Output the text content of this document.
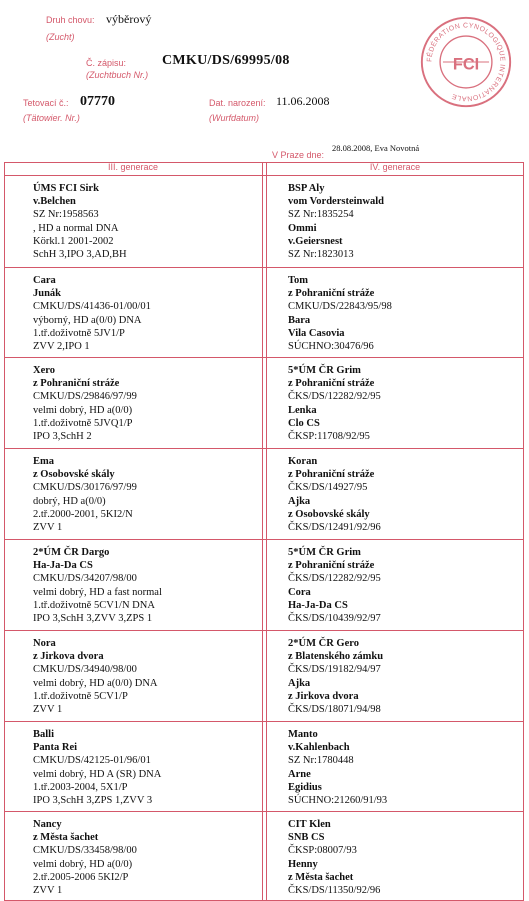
Druh chovu:
(Zucht)
výběrový
Č. zápisu:
(Zuchtbuch Nr.)
CMKU/DS/69995/08
Tetovací č.:
(Tätowier. Nr.)
07770	Dat. narození:
(Wurfdatum)
11.06.2008
V Praze dne:
28.08.2008, Eva Novotná
FÉDÉRATION CYNOLOGIQUE INTERNATIONALE
FCI
III. generace	IV. generace
ÚMS FCI Sirk
v.Belchen
SZ Nr:1958563
, HD a normal DNA
Körkl.1 2001-2002
SchH 3,IPO 3,AD,BH
BSP Aly
vom Vordersteinwald
SZ Nr:1835254
Ommi
v.Geiersnest
SZ Nr:1823013
Cara
Junák
CMKU/DS/41436-01/00/01
výborný, HD a(0/0) DNA
1.tř.doživotně 5JV1/P
ZVV 2,IPO 1
Tom
z Pohraniční stráže
CMKU/DS/22843/95/98
Bara
Vila Casovia
SÚCHNO:30476/96
Xero
z Pohraniční stráže
CMKU/DS/29846/97/99
velmi dobrý, HD a(0/0)
1.tř.doživotně 5JVQ1/P
IPO 3,SchH 2
5*ÚM ČR Grim
z Pohraniční stráže
ČKS/DS/12282/92/95
Lenka
Clo CS
ČKSP:11708/92/95
Ema
z Osobovské skály
CMKU/DS/30176/97/99
dobrý, HD a(0/0)
2.tř.2000-2001, 5KI2/N
ZVV 1
Koran
z Pohraniční stráže
ČKS/DS/14927/95
Ajka
z Osobovské skály
ČKS/DS/12491/92/96
2*ÚM ČR Dargo
Ha-Ja-Da CS
CMKU/DS/34207/98/00
velmi dobrý, HD a fast normal
1.tř.doživotně 5CV1/N DNA
IPO 3,SchH 3,ZVV 3,ZPS 1
5*ÚM ČR Grim
z Pohraniční stráže
ČKS/DS/12282/92/95
Cora
Ha-Ja-Da CS
ČKS/DS/10439/92/97
Nora
z Jirkova dvora
CMKU/DS/34940/98/00
velmi dobrý, HD a(0/0) DNA
1.tř.doživotně 5CV1/P
ZVV 1
2*ÚM ČR Gero
z Blatenského zámku
ČKS/DS/19182/94/97
Ajka
z Jirkova dvora
ČKS/DS/18071/94/98
Balli
Panta Rei
CMKU/DS/42125-01/96/01
velmi dobrý, HD A (SR) DNA
1.tř.2003-2004, 5X1/P
IPO 3,SchH 3,ZPS 1,ZVV 3
Manto
v.Kahlenbach
SZ Nr:1780448
Arne
Egidius
SÚCHNO:21260/91/93
Nancy
z Města šachet
CMKU/DS/33458/98/00
velmi dobrý, HD a(0/0)
2.tř.2005-2006 5KI2/P
ZVV 1
CIT Klen
SNB CS
ČKSP:08007/93
Henny
z Města šachet
ČKS/DS/11350/92/96
